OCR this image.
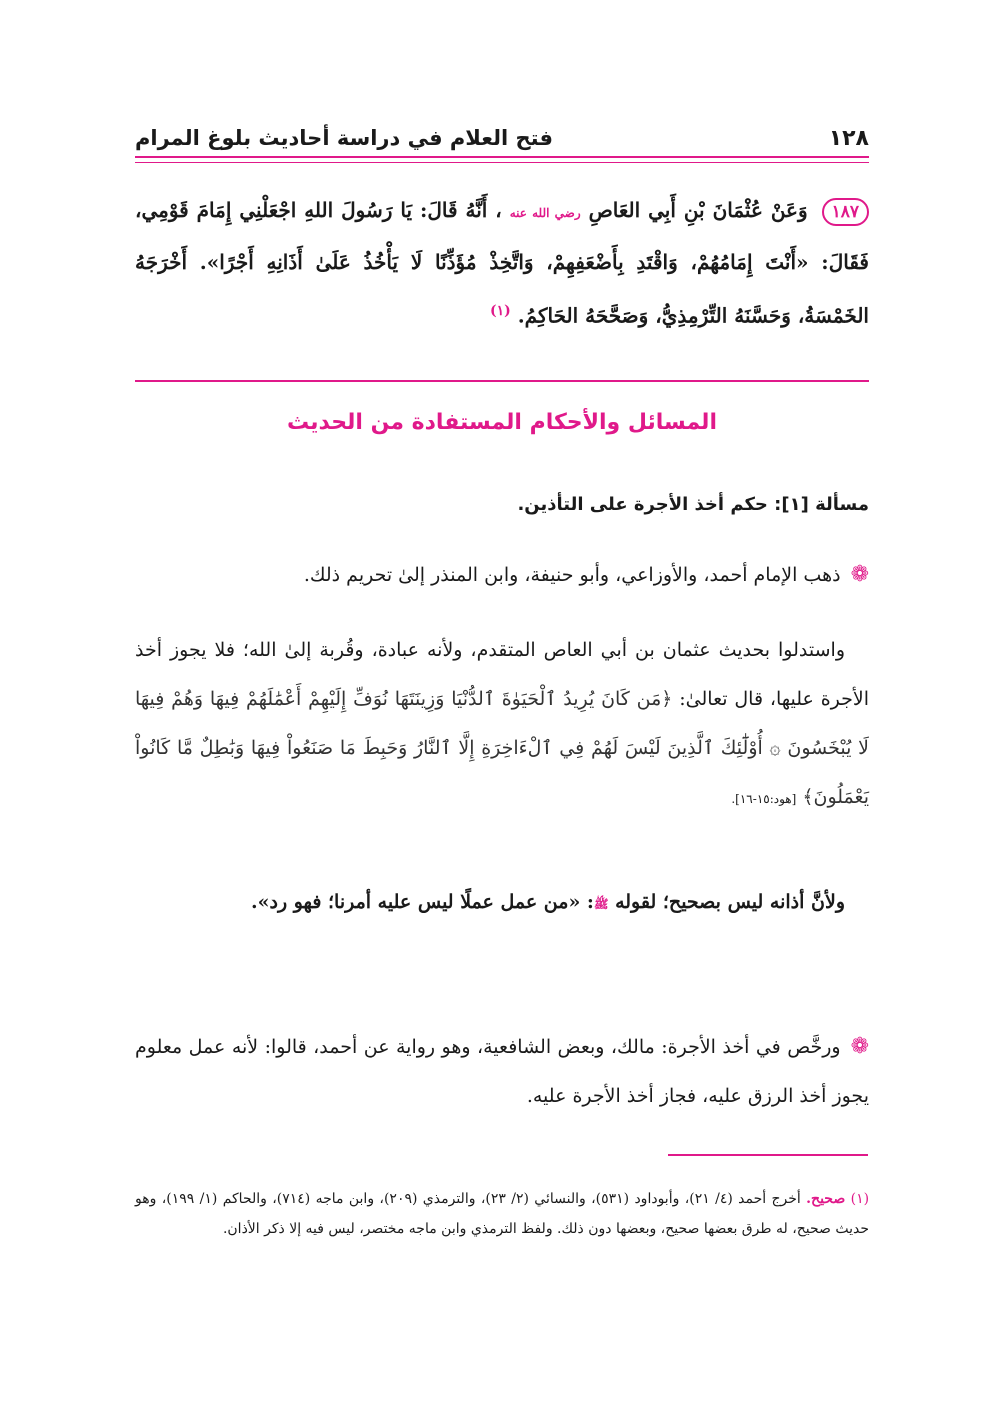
١٢٨
فتح العلام في دراسة أحاديث بلوغ المرام
١٨٧ وَعَنْ عُثْمَانَ بْنِ أَبِي العَاصِ رضي الله عنه ، أَنَّهُ قَالَ: يَا رَسُولَ اللهِ اجْعَلْنِي إِمَامَ قَوْمِي، فَقَالَ: «أَنْتَ إِمَامُهُمْ، وَاقْتَدِ بِأَضْعَفِهِمْ، وَاتَّخِذْ مُؤَذِّنًا لَا يَأْخُذُ عَلَىٰ أَذَانِهِ أَجْرًا». أَخْرَجَهُ الخَمْسَةُ، وَحَسَّنَهُ التِّرْمِذِيُّ، وَصَحَّحَهُ الحَاكِمُ. $^{(١)}$
المسائل والأحكام المستفادة من الحديث
مسألة [١]: حكم أخذ الأجرة على التأذين.
❁ذهب الإمام أحمد، والأوزاعي، وأبو حنيفة، وابن المنذر إلىٰ تحريم ذلك.
واستدلوا بحديث عثمان بن أبي العاص المتقدم، ولأنه عبادة، وقُربة إلىٰ الله؛ فلا يجوز أخذ الأجرة عليها، قال تعالىٰ: ﴿مَن كَانَ يُرِيدُ ٱلْحَيَوٰةَ ٱلدُّنْيَا وَزِينَتَهَا نُوَفِّ إِلَيْهِمْ أَعْمَٰلَهُمْ فِيهَا وَهُمْ فِيهَا لَا يُبْخَسُونَ ۞ أُوْلَٰٓئِكَ ٱلَّذِينَ لَيْسَ لَهُمْ فِي ٱلْءَاخِرَةِ إِلَّا ٱلنَّارُ وَحَبِطَ مَا صَنَعُواْ فِيهَا وَبَٰطِلٌ مَّا كَانُواْ يَعْمَلُونَ﴾ [هود:١٥-١٦].
ولأنَّ أذانه ليس بصحيح؛ لقوله ﷺ: «من عمل عملًا ليس عليه أمرنا؛ فهو رد».
❁ورخَّص في أخذ الأجرة: مالك، وبعض الشافعية، وهو رواية عن أحمد، قالوا: لأنه عمل معلوم يجوز أخذ الرزق عليه، فجاز أخذ الأجرة عليه.
(١) صحيح. أخرج أحمد (٤/ ٢١)، وأبوداود (٥٣١)، والنسائي (٢/ ٢٣)، والترمذي (٢٠٩)، وابن ماجه (٧١٤)، والحاكم (١/ ١٩٩)، وهو حديث صحيح، له طرق بعضها صحيح، وبعضها دون ذلك. ولفظ الترمذي وابن ماجه مختصر، ليس فيه إلا ذكر الأذان.
